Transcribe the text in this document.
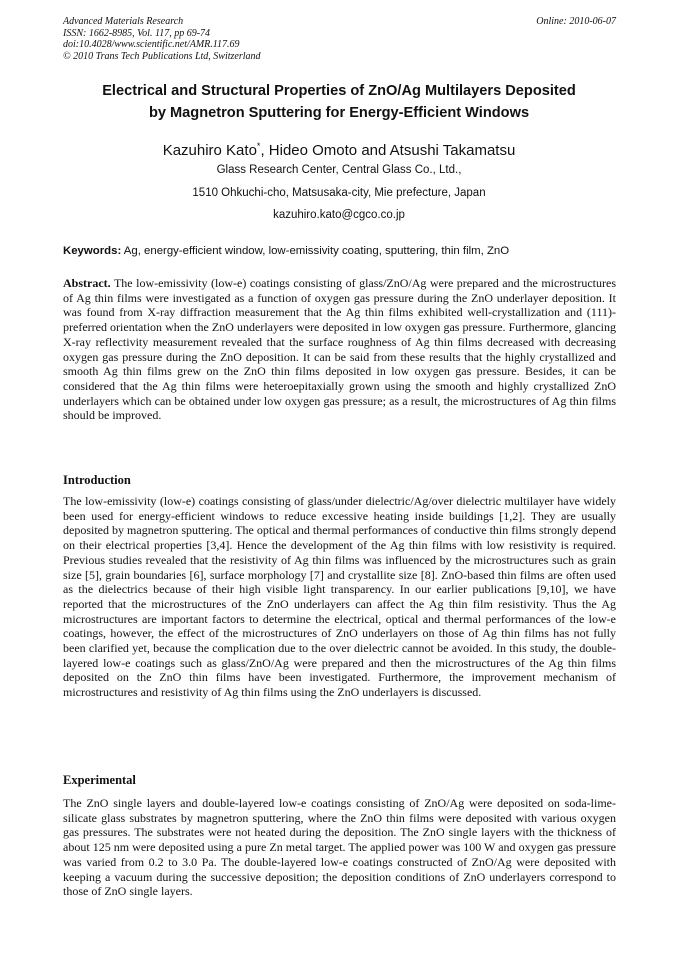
Advanced Materials Research
ISSN: 1662-8985, Vol. 117, pp 69-74
doi:10.4028/www.scientific.net/AMR.117.69
© 2010 Trans Tech Publications Ltd, Switzerland
Online: 2010-06-07
Electrical and Structural Properties of ZnO/Ag Multilayers Deposited
by Magnetron Sputtering for Energy-Efficient Windows
Kazuhiro Kato*, Hideo Omoto and Atsushi Takamatsu
Glass Research Center, Central Glass Co., Ltd.,
1510 Ohkuchi-cho, Matsusaka-city, Mie prefecture, Japan
kazuhiro.kato@cgco.co.jp
Keywords: Ag, energy-efficient window, low-emissivity coating, sputtering, thin film, ZnO
Abstract. The low-emissivity (low-e) coatings consisting of glass/ZnO/Ag were prepared and the microstructures of Ag thin films were investigated as a function of oxygen gas pressure during the ZnO underlayer deposition. It was found from X-ray diffraction measurement that the Ag thin films exhibited well-crystallization and (111)-preferred orientation when the ZnO underlayers were deposited in low oxygen gas pressure. Furthermore, glancing X-ray reflectivity measurement revealed that the surface roughness of Ag thin films decreased with decreasing oxygen gas pressure during the ZnO deposition. It can be said from these results that the highly crystallized and smooth Ag thin films grew on the ZnO thin films deposited in low oxygen gas pressure. Besides, it can be considered that the Ag thin films were heteroepitaxially grown using the smooth and highly crystallized ZnO underlayers which can be obtained under low oxygen gas pressure; as a result, the microstructures of Ag thin films should be improved.
Introduction
The low-emissivity (low-e) coatings consisting of glass/under dielectric/Ag/over dielectric multilayer have widely been used for energy-efficient windows to reduce excessive heating inside buildings [1,2]. They are usually deposited by magnetron sputtering. The optical and thermal performances of conductive thin films strongly depend on their electrical properties [3,4]. Hence the development of the Ag thin films with low resistivity is required. Previous studies revealed that the resistivity of Ag thin films was influenced by the microstructures such as grain size [5], grain boundaries [6], surface morphology [7] and crystallite size [8]. ZnO-based thin films are often used as the dielectrics because of their high visible light transparency. In our earlier publications [9,10], we have reported that the microstructures of the ZnO underlayers can affect the Ag thin film resistivity. Thus the Ag microstructures are important factors to determine the electrical, optical and thermal performances of the low-e coatings, however, the effect of the microstructures of ZnO underlayers on those of Ag thin films has not fully been clarified yet, because the complication due to the over dielectric cannot be avoided. In this study, the double-layered low-e coatings such as glass/ZnO/Ag were prepared and then the microstructures of the Ag thin films deposited on the ZnO thin films have been investigated. Furthermore, the improvement mechanism of microstructures and resistivity of Ag thin films using the ZnO underlayers is discussed.
Experimental
The ZnO single layers and double-layered low-e coatings consisting of ZnO/Ag were deposited on soda-lime-silicate glass substrates by magnetron sputtering, where the ZnO thin films were deposited with various oxygen gas pressures. The substrates were not heated during the deposition. The ZnO single layers with the thickness of about 125 nm were deposited using a pure Zn metal target. The applied power was 100 W and oxygen gas pressure was varied from 0.2 to 3.0 Pa. The double-layered low-e coatings constructed of ZnO/Ag were deposited with keeping a vacuum during the successive deposition; the deposition conditions of ZnO underlayers correspond to those of ZnO single layers.
